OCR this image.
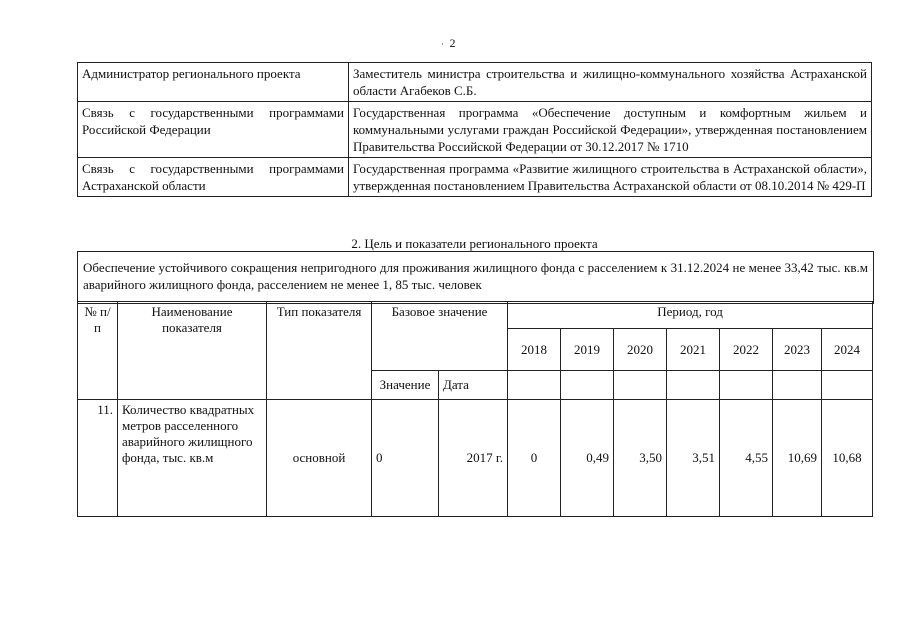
2
·
Администратор регионального проекта	Заместитель министра строительства и жилищно-коммунального хозяйства Астраханской области Агабеков С.Б.
Связь с государственными программами Российской Федерации	Государственная программа «Обеспечение доступным и комфортным жильем и коммунальными услугами граждан Российской Федерации», утвержденная постановлением Правительства Российской Федерации от 30.12.2017 № 1710
Связь с государственными программами Астраханской области	Государственная программа «Развитие жилищного строительства в Астраханской области», утвержденная постановлением Правительства Астраханской области от 08.10.2014 № 429-П
2. Цель и показатели регионального проекта
Обеспечение устойчивого сокращения непригодного для проживания жилищного фонда с расселением к 31.12.2024 не менее 33,42 тыс. кв.м аварийного жилищного фонда, расселением не менее 1, 85 тыс. человек
№ п/п	Наименование показателя	Тип показателя	Базовое значение		Период, год						
					2018	2019	2020	2021	2022	2023	2024
			Значение	Дата							
11.	Количество квадратных метров расселенного аварийного жилищного фонда, тыс. кв.м	основной	0	2017 г.	0	0,49	3,50	3,51	4,55	10,69	10,68
